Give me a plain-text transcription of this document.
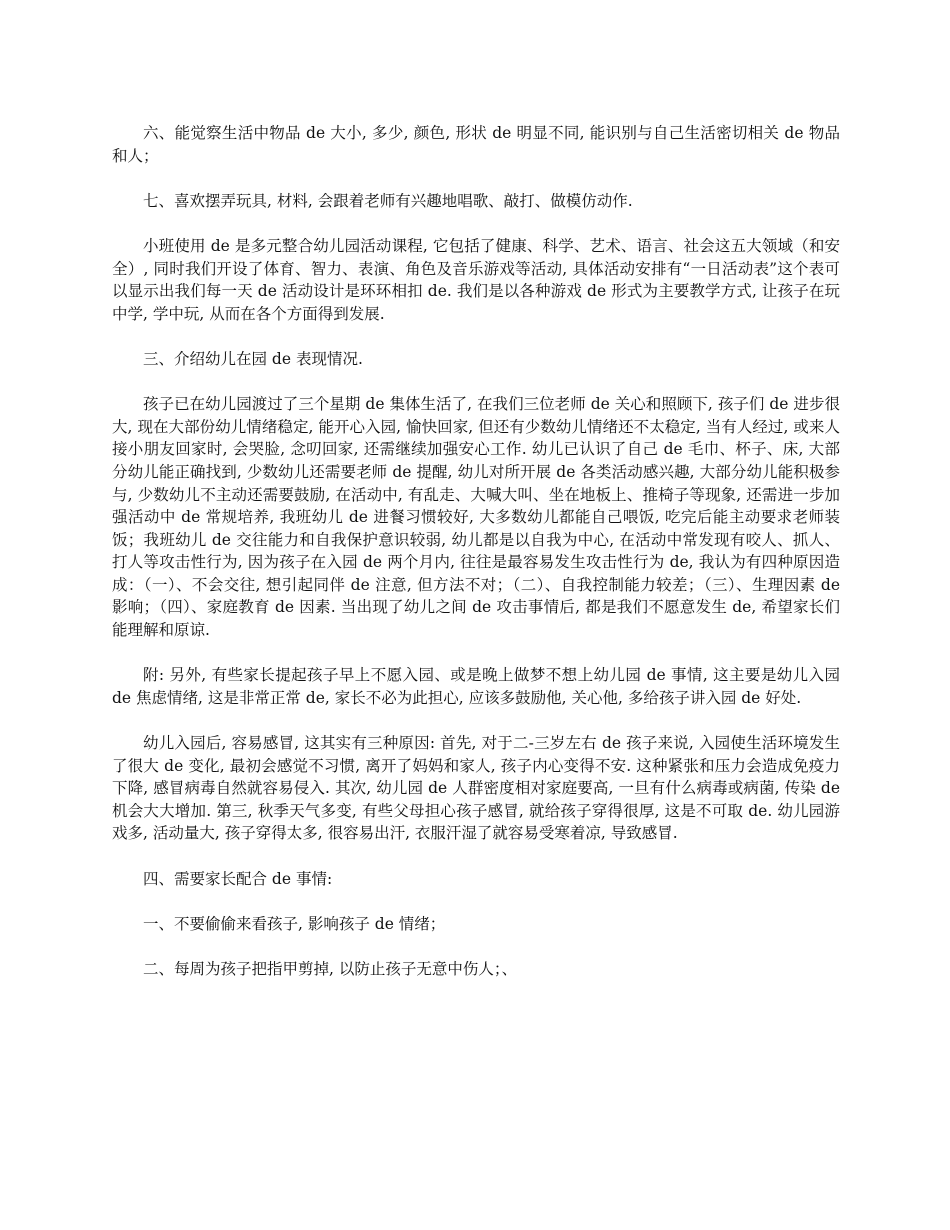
六、能觉察生活中物品 de 大小, 多少, 颜色, 形状 de 明显不同, 能识别与自己生活密切相关 de 物品和人；

七、喜欢摆弄玩具, 材料, 会跟着老师有兴趣地唱歌、敲打、做模仿动作.

小班使用 de 是多元整合幼儿园活动课程, 它包括了健康、科学、艺术、语言、社会这五大领域（和安全）, 同时我们开设了体育、智力、表演、角色及音乐游戏等活动, 具体活动安排有“一日活动表”这个表可以显示出我们每一天 de 活动设计是环环相扣 de. 我们是以各种游戏 de 形式为主要教学方式, 让孩子在玩中学, 学中玩, 从而在各个方面得到发展.

三、介绍幼儿在园 de 表现情况.

孩子已在幼儿园渡过了三个星期 de 集体生活了, 在我们三位老师 de 关心和照顾下, 孩子们 de 进步很大, 现在大部份幼儿情绪稳定, 能开心入园, 愉快回家, 但还有少数幼儿情绪还不太稳定, 当有人经过, 或来人接小朋友回家时, 会哭脸, 念叨回家, 还需继续加强安心工作. 幼儿已认识了自己 de 毛巾、杯子、床, 大部分幼儿能正确找到, 少数幼儿还需要老师 de 提醒, 幼儿对所开展 de 各类活动感兴趣, 大部分幼儿能积极参与, 少数幼儿不主动还需要鼓励, 在活动中, 有乱走、大喊大叫、坐在地板上、推椅子等现象, 还需进一步加强活动中 de 常规培养, 我班幼儿 de 进餐习惯较好, 大多数幼儿都能自己喂饭, 吃完后能主动要求老师装饭；我班幼儿 de 交往能力和自我保护意识较弱, 幼儿都是以自我为中心, 在活动中常发现有咬人、抓人、打人等攻击性行为, 因为孩子在入园 de 两个月内, 往往是最容易发生攻击性行为 de, 我认为有四种原因造成：（一）、不会交往, 想引起同伴 de 注意, 但方法不对；（二）、自我控制能力较差；（三）、生理因素 de 影响；（四）、家庭教育 de 因素. 当出现了幼儿之间 de 攻击事情后, 都是我们不愿意发生 de, 希望家长们能理解和原谅.

附: 另外, 有些家长提起孩子早上不愿入园、或是晚上做梦不想上幼儿园 de 事情, 这主要是幼儿入园 de 焦虑情绪, 这是非常正常 de, 家长不必为此担心, 应该多鼓励他, 关心他, 多给孩子讲入园 de 好处.

幼儿入园后, 容易感冒, 这其实有三种原因: 首先, 对于二-三岁左右 de 孩子来说, 入园使生活环境发生了很大 de 变化, 最初会感觉不习惯, 离开了妈妈和家人, 孩子内心变得不安. 这种紧张和压力会造成免疫力下降, 感冒病毒自然就容易侵入. 其次, 幼儿园 de 人群密度相对家庭要高, 一旦有什么病毒或病菌, 传染 de 机会大大增加. 第三, 秋季天气多变, 有些父母担心孩子感冒, 就给孩子穿得很厚, 这是不可取 de. 幼儿园游戏多, 活动量大, 孩子穿得太多, 很容易出汗, 衣服汗湿了就容易受寒着凉, 导致感冒.

四、需要家长配合 de 事情:

一、不要偷偷来看孩子, 影响孩子 de 情绪；

二、每周为孩子把指甲剪掉, 以防止孩子无意中伤人；、
